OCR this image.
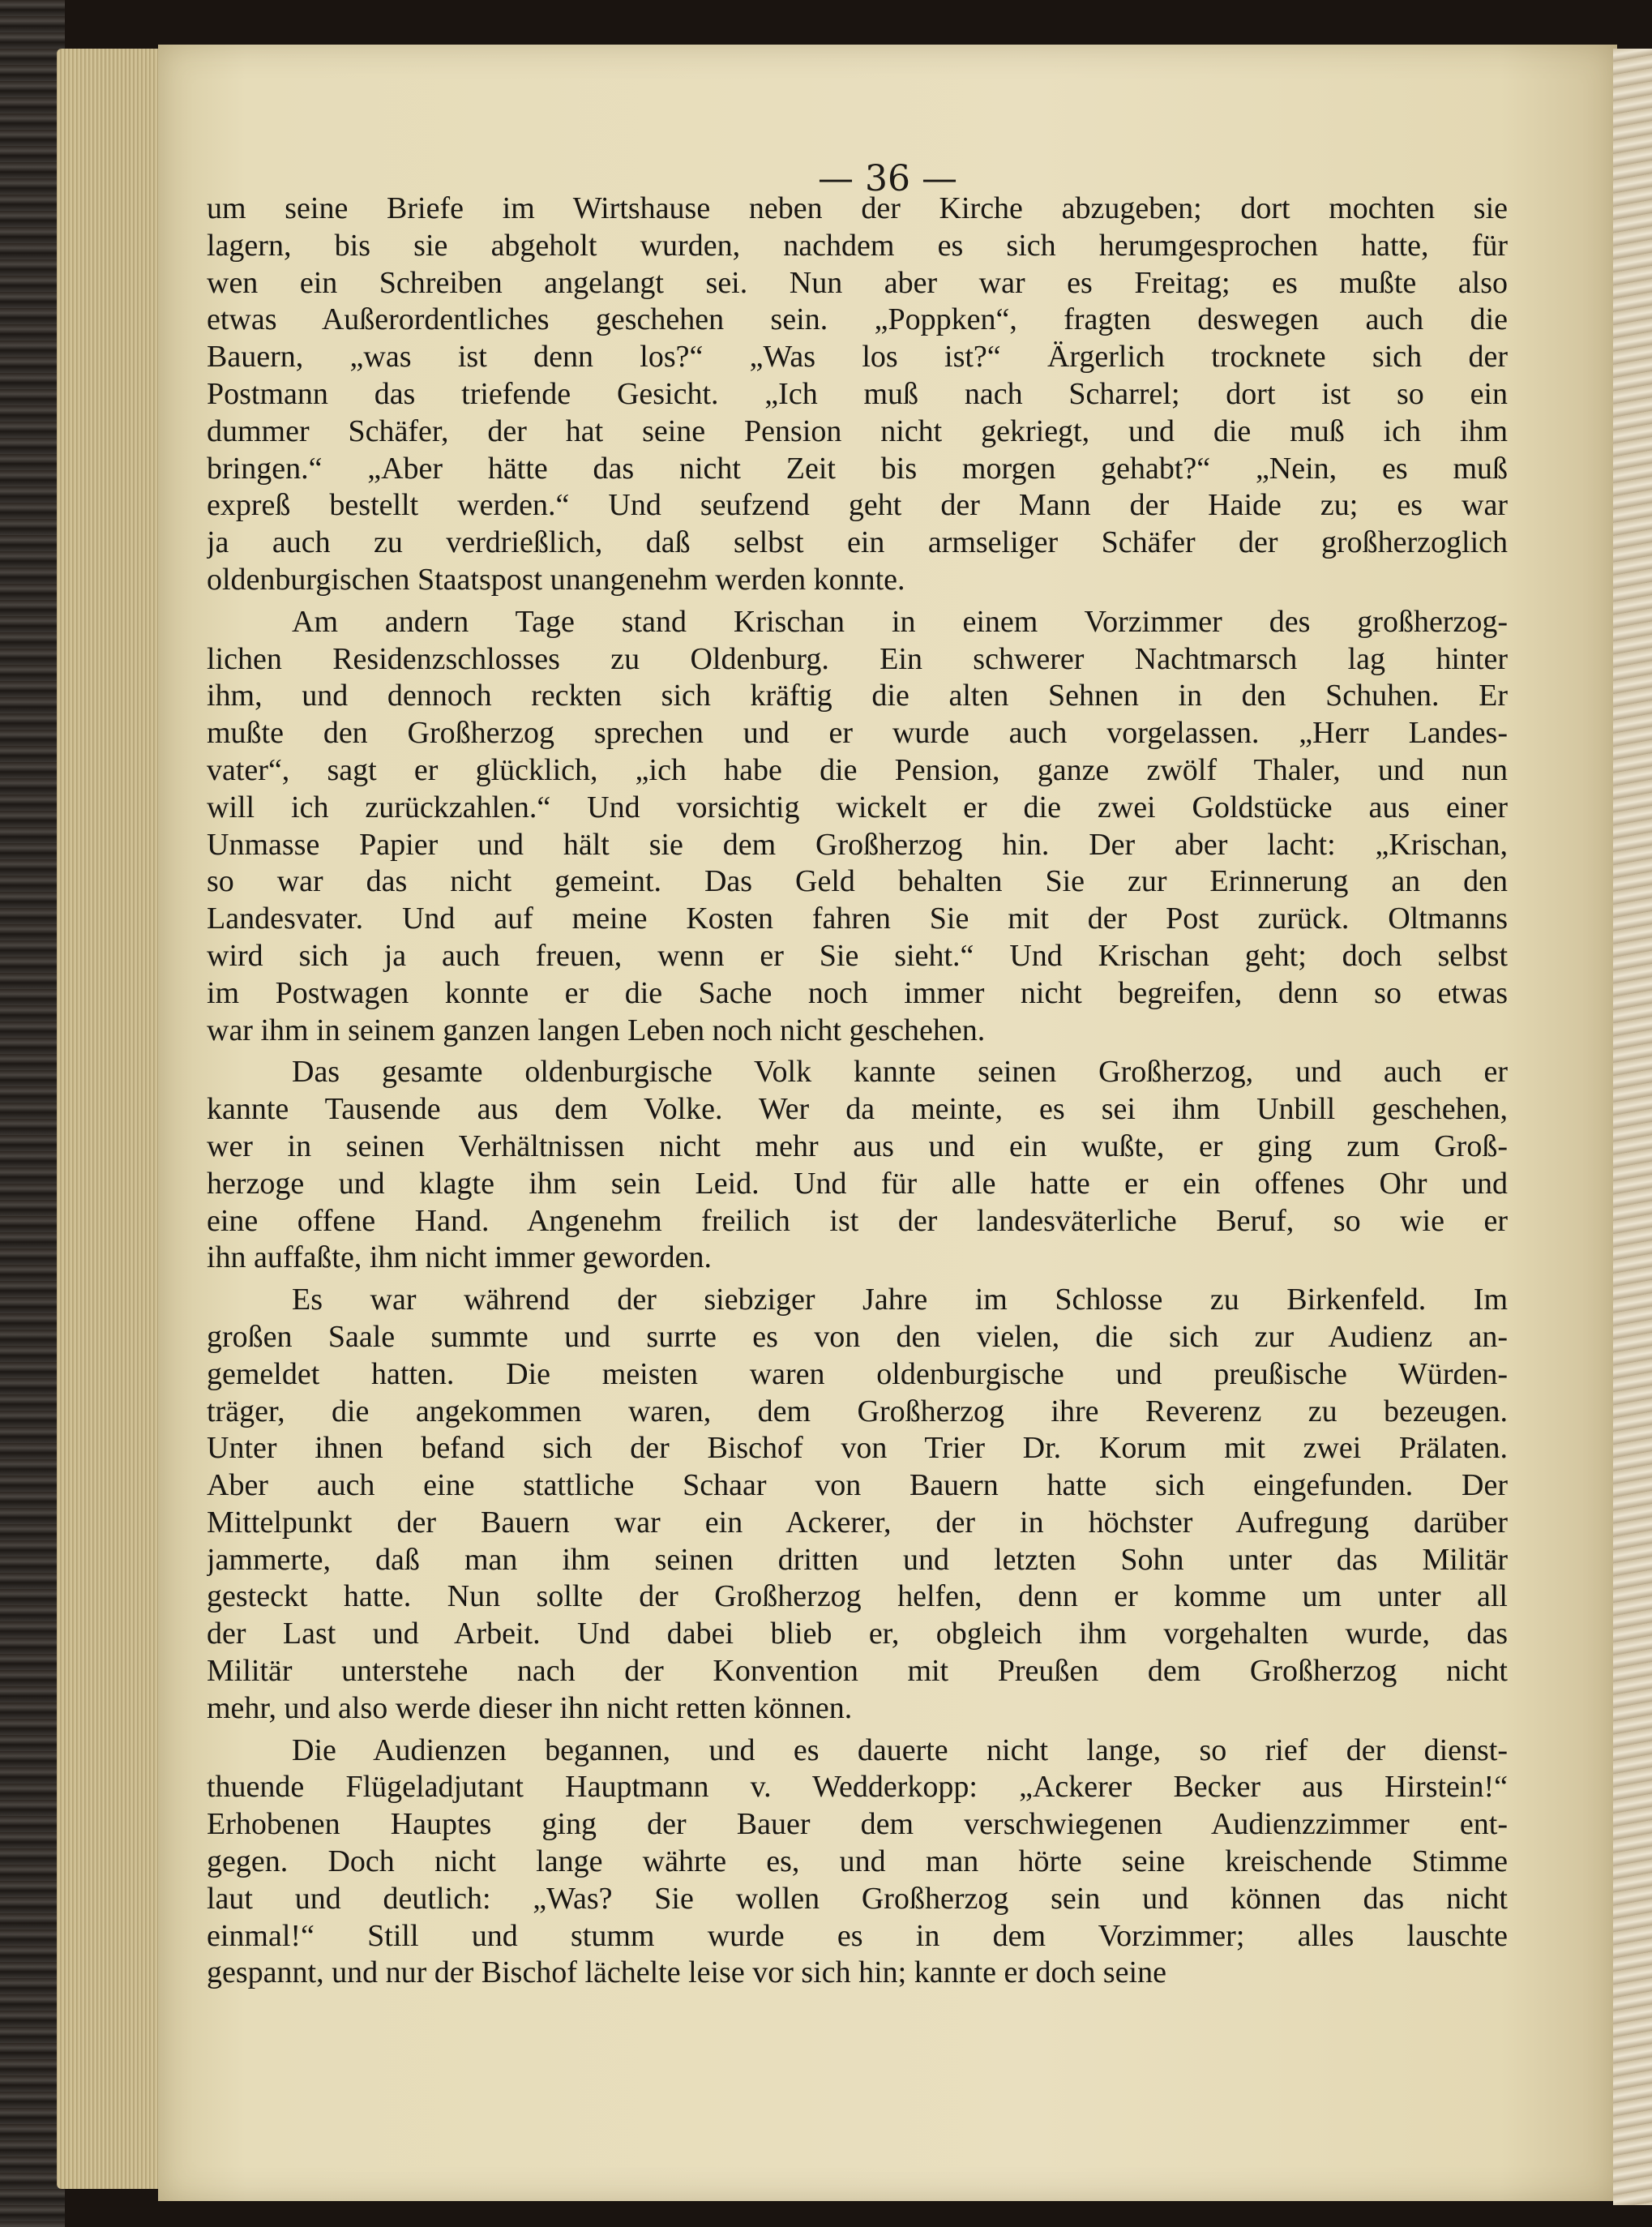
— 36 —
um seine Briefe im Wirtshause neben der Kirche abzugeben; dort mochten sie
lagern, bis sie abgeholt wurden, nachdem es sich herumgesprochen hatte, für
wen ein Schreiben angelangt sei. Nun aber war es Freitag; es mußte also
etwas Außerordentliches geschehen sein. „Poppken“, fragten deswegen auch die
Bauern, „was ist denn los?“ „Was los ist?“ Ärgerlich trocknete sich der
Postmann das triefende Gesicht. „Ich muß nach Scharrel; dort ist so ein
dummer Schäfer, der hat seine Pension nicht gekriegt, und die muß ich ihm
bringen.“ „Aber hätte das nicht Zeit bis morgen gehabt?“ „Nein, es muß
expreß bestellt werden.“ Und seufzend geht der Mann der Haide zu; es war
ja auch zu verdrießlich, daß selbst ein armseliger Schäfer der großherzoglich
oldenburgischen Staatspost unangenehm werden konnte.
Am andern Tage stand Krischan in einem Vorzimmer des großherzog-
lichen Residenzschlosses zu Oldenburg. Ein schwerer Nachtmarsch lag hinter
ihm, und dennoch reckten sich kräftig die alten Sehnen in den Schuhen. Er
mußte den Großherzog sprechen und er wurde auch vorgelassen. „Herr Landes-
vater“, sagt er glücklich, „ich habe die Pension, ganze zwölf Thaler, und nun
will ich zurückzahlen.“ Und vorsichtig wickelt er die zwei Goldstücke aus einer
Unmasse Papier und hält sie dem Großherzog hin. Der aber lacht: „Krischan,
so war das nicht gemeint. Das Geld behalten Sie zur Erinnerung an den
Landesvater. Und auf meine Kosten fahren Sie mit der Post zurück. Oltmanns
wird sich ja auch freuen, wenn er Sie sieht.“ Und Krischan geht; doch selbst
im Postwagen konnte er die Sache noch immer nicht begreifen, denn so etwas
war ihm in seinem ganzen langen Leben noch nicht geschehen.
Das gesamte oldenburgische Volk kannte seinen Großherzog, und auch er
kannte Tausende aus dem Volke. Wer da meinte, es sei ihm Unbill geschehen,
wer in seinen Verhältnissen nicht mehr aus und ein wußte, er ging zum Groß-
herzoge und klagte ihm sein Leid. Und für alle hatte er ein offenes Ohr und
eine offene Hand. Angenehm freilich ist der landesväterliche Beruf, so wie er
ihn auffaßte, ihm nicht immer geworden.
Es war während der siebziger Jahre im Schlosse zu Birkenfeld. Im
großen Saale summte und surrte es von den vielen, die sich zur Audienz an-
gemeldet hatten. Die meisten waren oldenburgische und preußische Würden-
träger, die angekommen waren, dem Großherzog ihre Reverenz zu bezeugen.
Unter ihnen befand sich der Bischof von Trier Dr. Korum mit zwei Prälaten.
Aber auch eine stattliche Schaar von Bauern hatte sich eingefunden. Der
Mittelpunkt der Bauern war ein Ackerer, der in höchster Aufregung darüber
jammerte, daß man ihm seinen dritten und letzten Sohn unter das Militär
gesteckt hatte. Nun sollte der Großherzog helfen, denn er komme um unter all
der Last und Arbeit. Und dabei blieb er, obgleich ihm vorgehalten wurde, das
Militär unterstehe nach der Konvention mit Preußen dem Großherzog nicht
mehr, und also werde dieser ihn nicht retten können.
Die Audienzen begannen, und es dauerte nicht lange, so rief der dienst-
thuende Flügeladjutant Hauptmann v. Wedderkopp: „Ackerer Becker aus Hirstein!“
Erhobenen Hauptes ging der Bauer dem verschwiegenen Audienzzimmer ent-
gegen. Doch nicht lange währte es, und man hörte seine kreischende Stimme
laut und deutlich: „Was? Sie wollen Großherzog sein und können das nicht
einmal!“ Still und stumm wurde es in dem Vorzimmer; alles lauschte
gespannt, und nur der Bischof lächelte leise vor sich hin; kannte er doch seine
